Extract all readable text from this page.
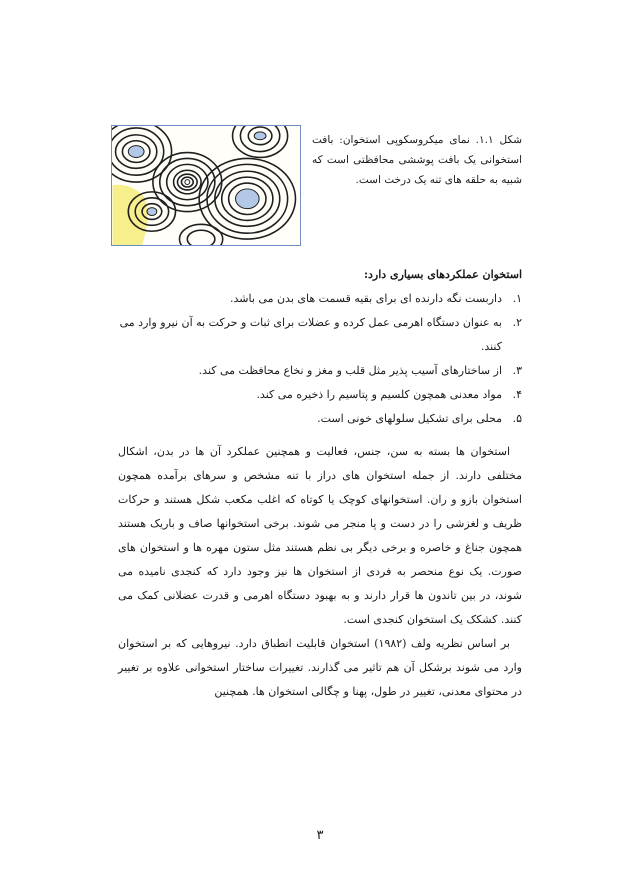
شکل ۱.۱. نمای میکروسکوپی استخوان: بافت استخوانی یک بافت پوششی محافظتی است که شبیه به حلقه های تنه یک درخت است.

استخوان عملکردهای بسیاری دارد:

۱.
داربست نگه دارنده ای برای بقیه قسمت های بدن می باشد.
۲.
به عنوان دستگاه اهرمی عمل کرده و عضلات برای ثبات و حرکت به آن نیرو وارد می کنند.
۳.
از ساختارهای آسیب پذیر مثل قلب و مغز و نخاع محافظت می کند.
۴.
مواد معدنی همچون کلسیم و پتاسیم را ذخیره می کند.
۵.
محلی برای تشکیل سلولهای خونی است.

استخوان ها بسته به سن، جنس، فعالیت و همچنین عملکرد آن ها در بدن، اشکال مختلفی دارند. از جمله استخوان های دراز با تنه مشخص و سرهای برآمده همچون استخوان بازو و ران. استخوانهای کوچک یا کوتاه که اغلب مکعب شکل هستند و حرکات ظریف و لغزشی را در دست و پا منجر می شوند. برخی استخوانها صاف و باریک هستند همچون جناغ و خاصره و برخی دیگر بی نظم هستند مثل ستون مهره ها و استخوان های صورت. یک نوع منحصر به فردی از استخوان ها نیز وجود دارد که کنجدی نامیده می شوند، در بین تاندون ها قرار دارند و به بهبود دستگاه اهرمی و قدرت عضلانی کمک می کنند. کشکک یک استخوان کنجدی است.

بر اساس نظریه ولف (۱۹۸۲) استخوان قابلیت انطباق دارد. نیروهایی که بر استخوان وارد می شوند برشکل آن هم تاثیر می گذارند. تغییرات ساختار استخوانی علاوه بر تغییر در محتوای معدنی، تغییر در طول، پهنا و چگالی استخوان ها. همچنین

۳
